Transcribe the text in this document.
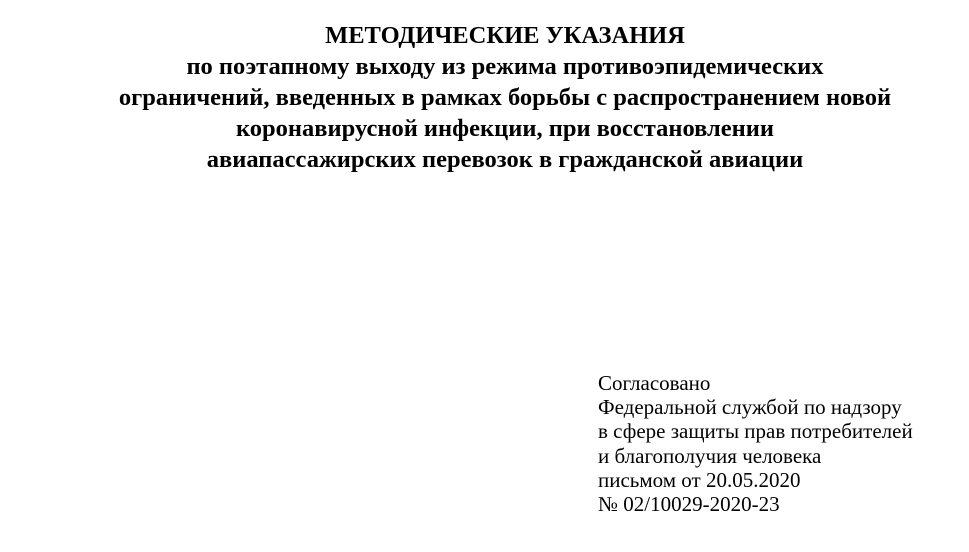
МЕТОДИЧЕСКИЕ УКАЗАНИЯ
по поэтапному выходу из режима противоэпидемических
ограничений, введенных в рамках борьбы с распространением новой
коронавирусной инфекции, при восстановлении
авиапассажирских перевозок в гражданской авиации
Согласовано
Федеральной службой по надзору
в сфере защиты прав потребителей
и благополучия человека
письмом от 20.05.2020
№ 02/10029-2020-23
